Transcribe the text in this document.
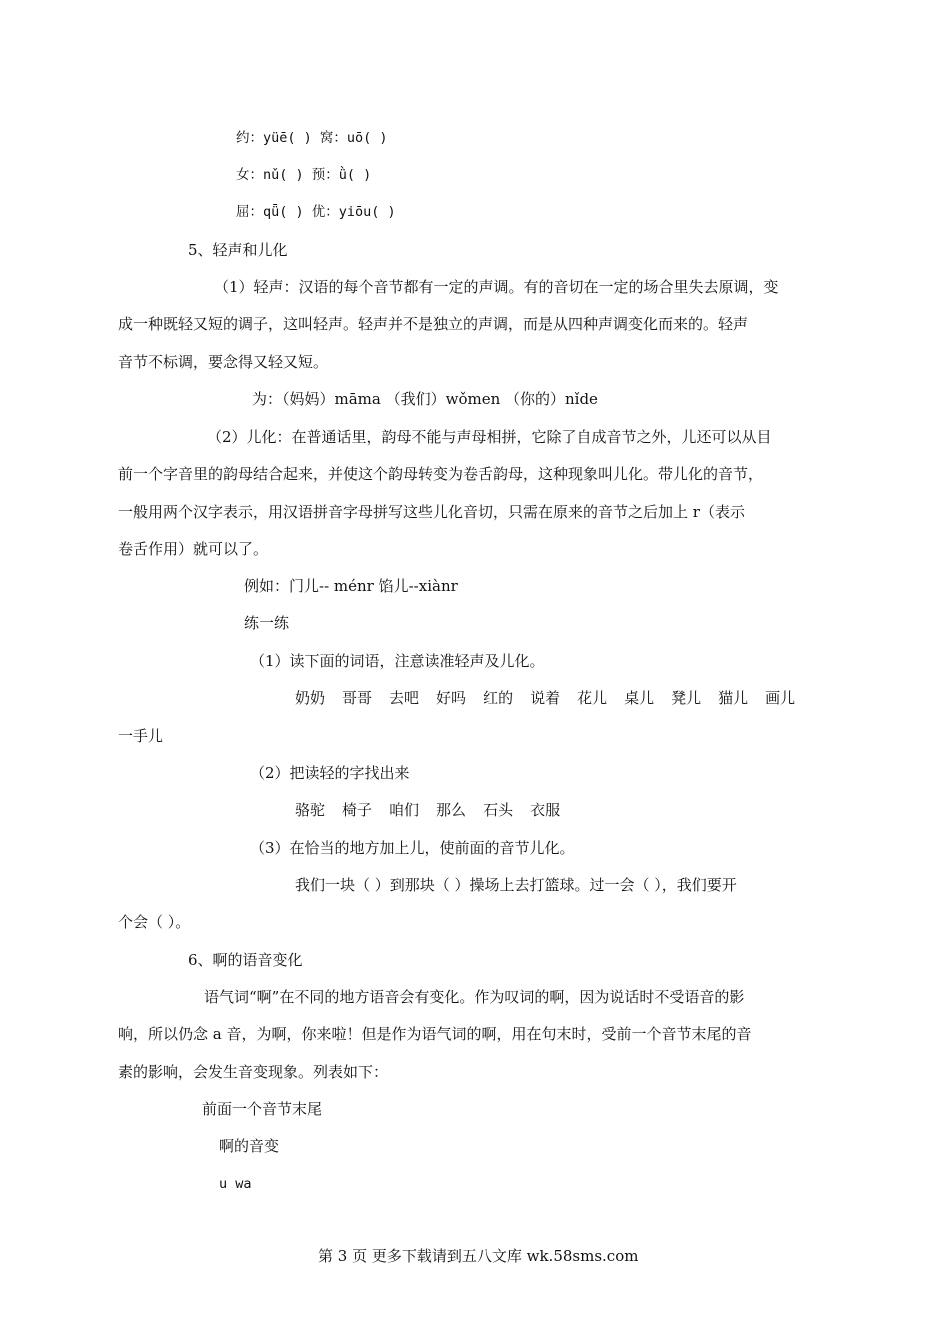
约：yüē( ) 窝：uō( )
女：nǔ( ) 预：ǜ( )
屈：qǖ( ) 优：yiōu( )
5、轻声和儿化
（1）轻声：汉语的每个音节都有一定的声调。有的音切在一定的场合里失去原调，变
成一种既轻又短的调子，这叫轻声。轻声并不是独立的声调，而是从四种声调变化而来的。轻声
音节不标调，要念得又轻又短。
为：（妈妈）māma （我们）wǒmen （你的）nǐde
（2）儿化：在普通话里，韵母不能与声母相拼，它除了自成音节之外，儿还可以从目
前一个字音里的韵母结合起来，并使这个韵母转变为卷舌韵母，这种现象叫儿化。带儿化的音节，
一般用两个汉字表示，用汉语拼音字母拼写这些儿化音切，只需在原来的音节之后加上 r（表示
卷舌作用）就可以了。
例如：门儿-- ménr 馅儿--xiànr
练一练
（1）读下面的词语，注意读准轻声及儿化。
奶奶 哥哥 去吧 好吗 红的 说着 花儿 桌儿 凳儿 猫儿 画儿
一手儿
（2）把读轻的字找出来
骆驼 椅子 咱们 那么 石头 衣服
（3）在恰当的地方加上儿，使前面的音节儿化。
我们一块（ ）到那块（ ）操场上去打篮球。过一会（ ），我们要开
个会（ ）。
6、啊的语音变化
语气词“啊”在不同的地方语音会有变化。作为叹词的啊，因为说话时不受语音的影
响，所以仍念 a 音，为啊，你来啦！但是作为语气词的啊，用在句末时，受前一个音节末尾的音
素的影响，会发生音变现象。列表如下：
前面一个音节末尾
啊的音变
u wa
第 3 页 更多下载请到五八文库 wk.58sms.com
